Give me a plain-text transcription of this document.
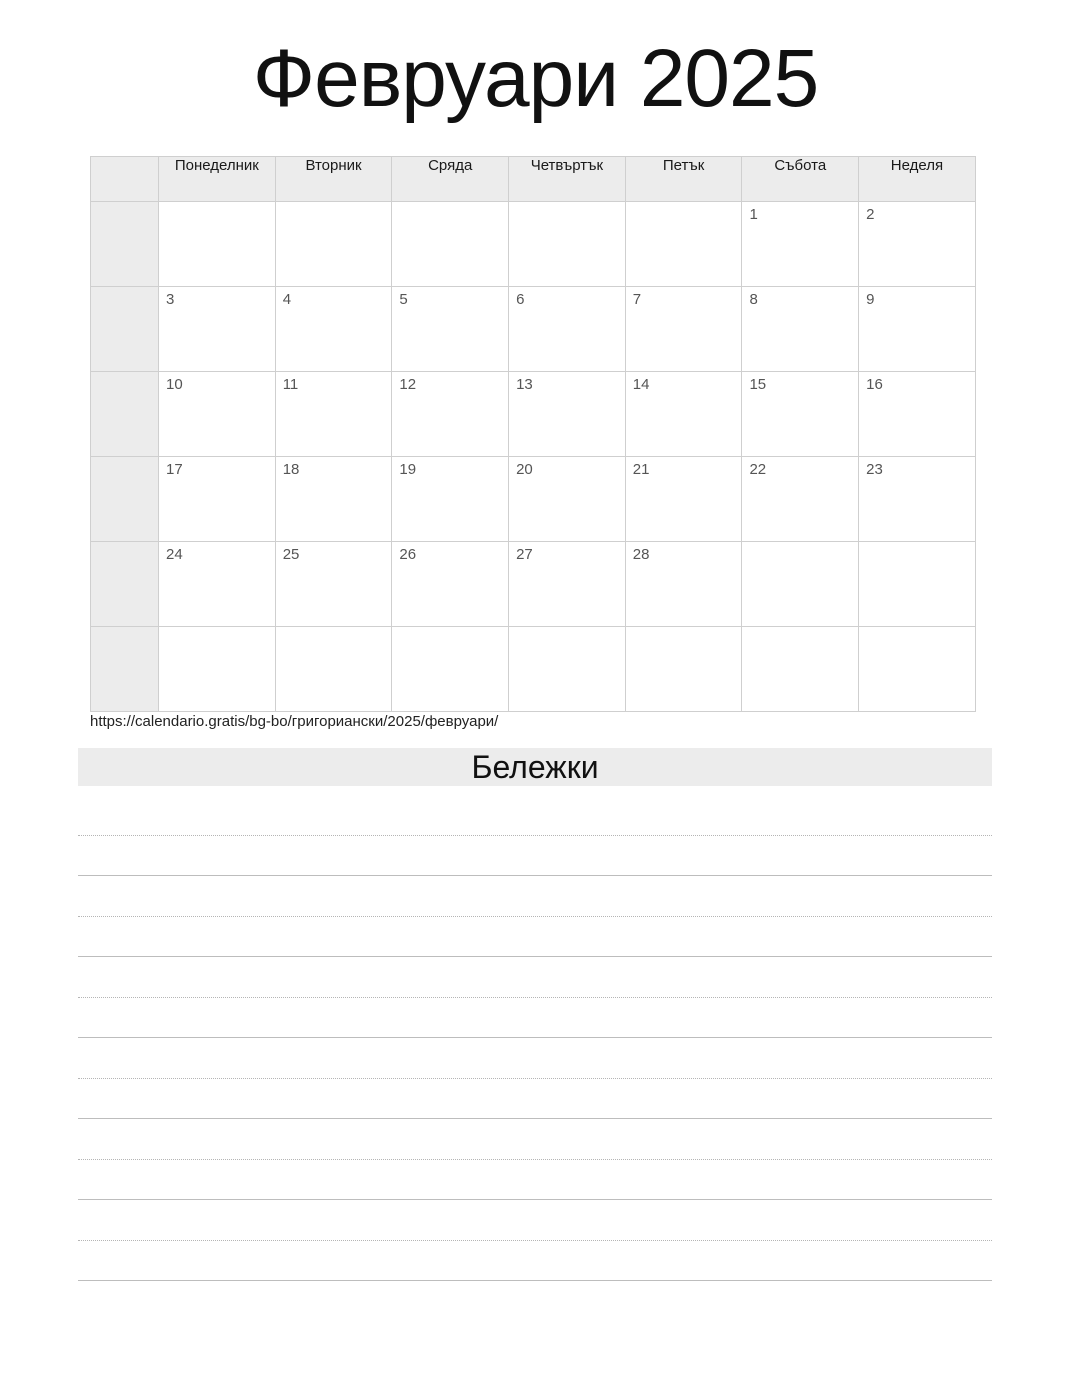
Февруари 2025
	Понеделник	Вторник	Сряда	Четвъртък	Петък	Събота	Неделя

						1	2

	3	4	5	6	7	8	9

	10	11	12	13	14	15	16

	17	18	19	20	21	22	23

	24	25	26	27	28		

https://calendario.gratis/bg-bo/григориански/2025/февруари/
Бележки
